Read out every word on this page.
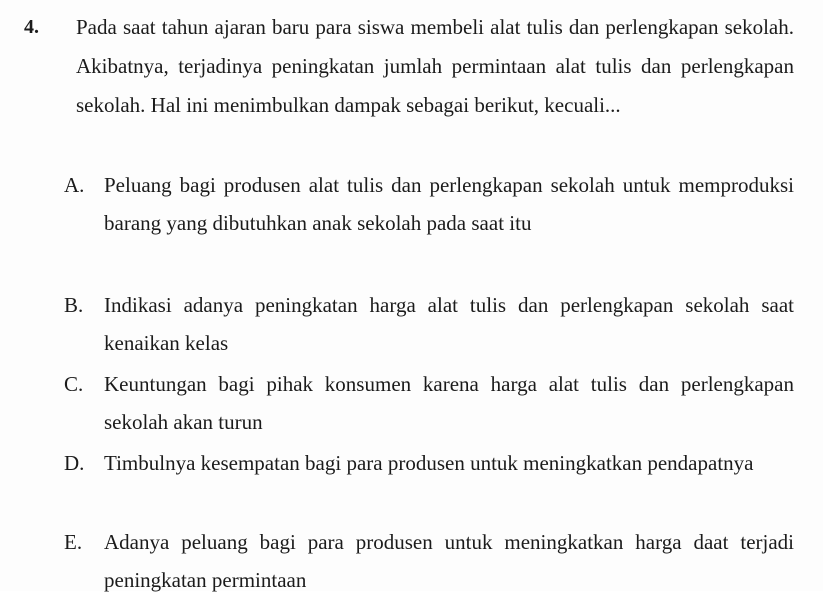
4. Pada saat tahun ajaran baru para siswa membeli alat tulis dan perlengkapan sekolah. Akibatnya, terjadinya peningkatan jumlah permintaan alat tulis dan perlengkapan sekolah. Hal ini menimbulkan dampak sebagai berikut, kecuali...
A. Peluang bagi produsen alat tulis dan perlengkapan sekolah untuk memproduksi barang yang dibutuhkan anak sekolah pada saat itu
B. Indikasi adanya peningkatan harga alat tulis dan perlengkapan sekolah saat kenaikan kelas
C. Keuntungan bagi pihak konsumen karena harga alat tulis dan perlengkapan sekolah akan turun
D. Timbulnya kesempatan bagi para produsen untuk meningkatkan pendapatnya
E. Adanya peluang bagi para produsen untuk meningkatkan harga daat terjadi peningkatan permintaan
